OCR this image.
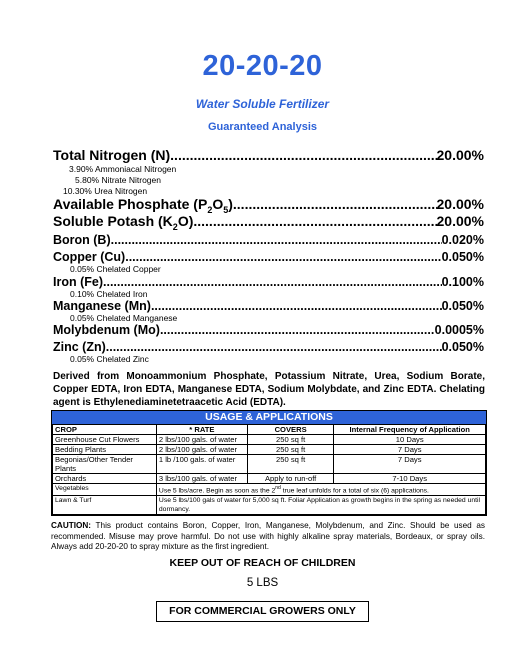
20-20-20
Water Soluble Fertilizer
Guaranteed Analysis
Total Nitrogen (N) .....	20.00%
3.90% Ammoniacal Nitrogen
5.80% Nitrate Nitrogen
10.30% Urea Nitrogen
Available Phosphate $(P_2O_5)$ .....	20.00%
Soluble Potash $(K_2O)$ .....	20.00%
Boron (B) .....	0.020%
Copper (Cu) .....	0.050%
0.05% Chelated Copper
Iron (Fe) .....	0.100%
0.10% Chelated Iron
Manganese (Mn) .....	0.050%
0.05% Chelated Manganese
Molybdenum (Mo) .....	0.0005%
Zinc (Zn) .....	0.050%
0.05% Chelated Zinc
Derived from Monoammonium Phosphate, Potassium Nitrate, Urea, Sodium Borate, Copper EDTA, Iron EDTA, Manganese EDTA, Sodium Molybdate, and Zinc EDTA. Chelating agent is Ethylenediaminetetraacetic Acid (EDTA).
USAGE & APPLICATIONS
CROP	* RATE	COVERS	Internal Frequency of Application
Greenhouse Cut Flowers	2 lbs/100 gals. of water	250 sq ft	10 Days
Bedding Plants	2 lbs/100 gals. of water	250 sq ft	7 Days
Begonias/Other Tender Plants	1 lb /100 gals. of water	250 sq ft	7 Days
Orchards	3 lbs/100 gals. of water	Apply to run-off	7-10 Days
Vegetables	Use 5 lbs/acre. Begin as soon as the 2nd true leaf unfolds for a total of six (6) applications.		
Lawn & Turf	Use 5 lbs/100 gals of water for 5,000 sq ft. Foliar Application as growth begins in the spring as needed until dormancy.		
CAUTION: This product contains Boron, Copper, Iron, Manganese, Molybdenum, and Zinc. Should be used as recommended. Misuse may prove harmful. Do not use with highly alkaline spray materials, Bordeaux, or spray oils. Always add 20-20-20 to spray mixture as the first ingredient.
KEEP OUT OF REACH OF CHILDREN
5 LBS
FOR COMMERCIAL GROWERS ONLY
